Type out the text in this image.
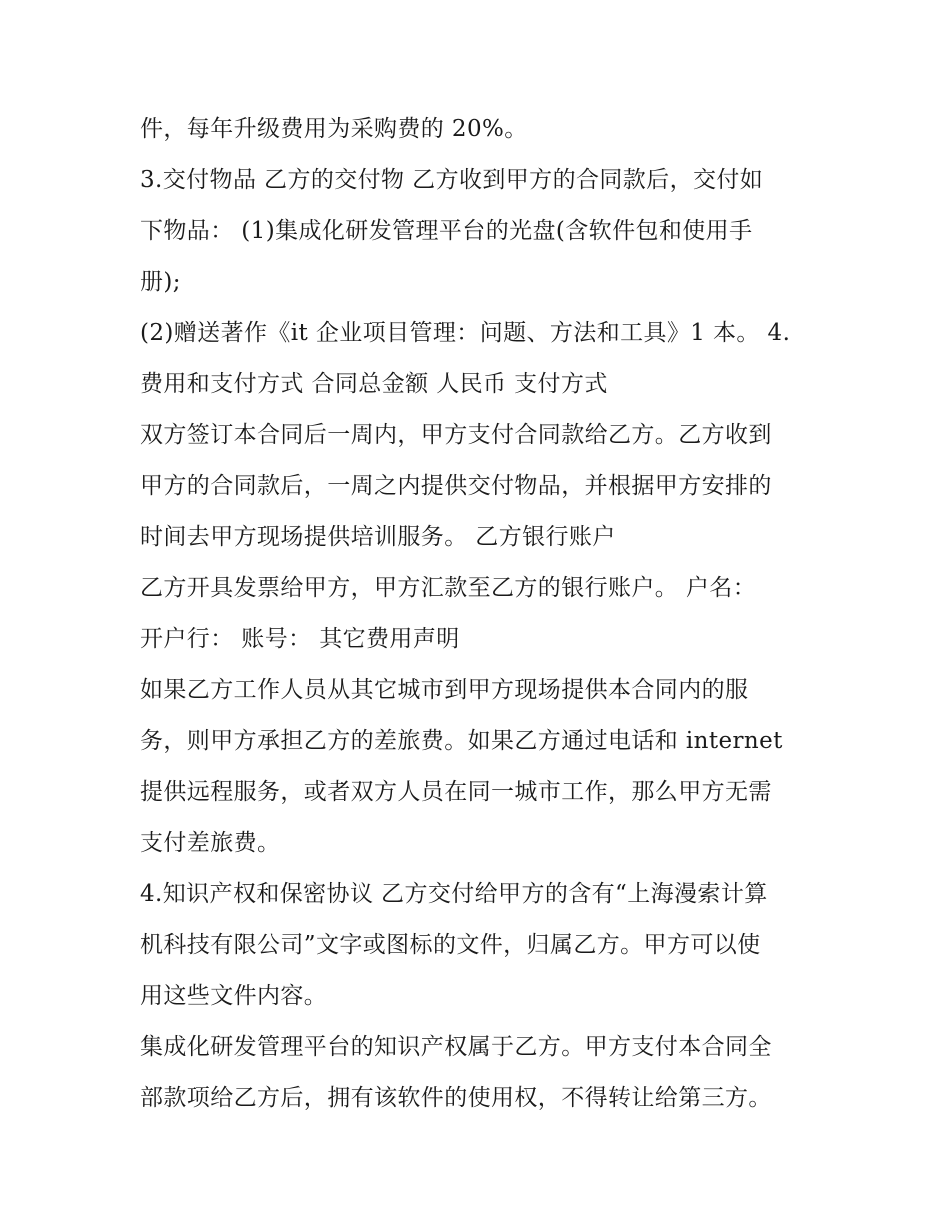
件，每年升级费用为采购费的 20%。
3.交付物品 乙方的交付物 乙方收到甲方的合同款后，交付如
下物品： (1)集成化研发管理平台的光盘(含软件包和使用手
册);
(2)赠送著作《it 企业项目管理：问题、方法和工具》1 本。 4.
费用和支付方式 合同总金额 人民币 支付方式
双方签订本合同后一周内，甲方支付合同款给乙方。乙方收到
甲方的合同款后，一周之内提供交付物品，并根据甲方安排的
时间去甲方现场提供培训服务。 乙方银行账户
乙方开具发票给甲方，甲方汇款至乙方的银行账户。 户名：
开户行： 账号： 其它费用声明
如果乙方工作人员从其它城市到甲方现场提供本合同内的服
务，则甲方承担乙方的差旅费。如果乙方通过电话和 internet
提供远程服务，或者双方人员在同一城市工作，那么甲方无需
支付差旅费。
4.知识产权和保密协议 乙方交付给甲方的含有“上海漫索计算
机科技有限公司”文字或图标的文件，归属乙方。甲方可以使
用这些文件内容。
集成化研发管理平台的知识产权属于乙方。甲方支付本合同全
部款项给乙方后，拥有该软件的使用权，不得转让给第三方。
